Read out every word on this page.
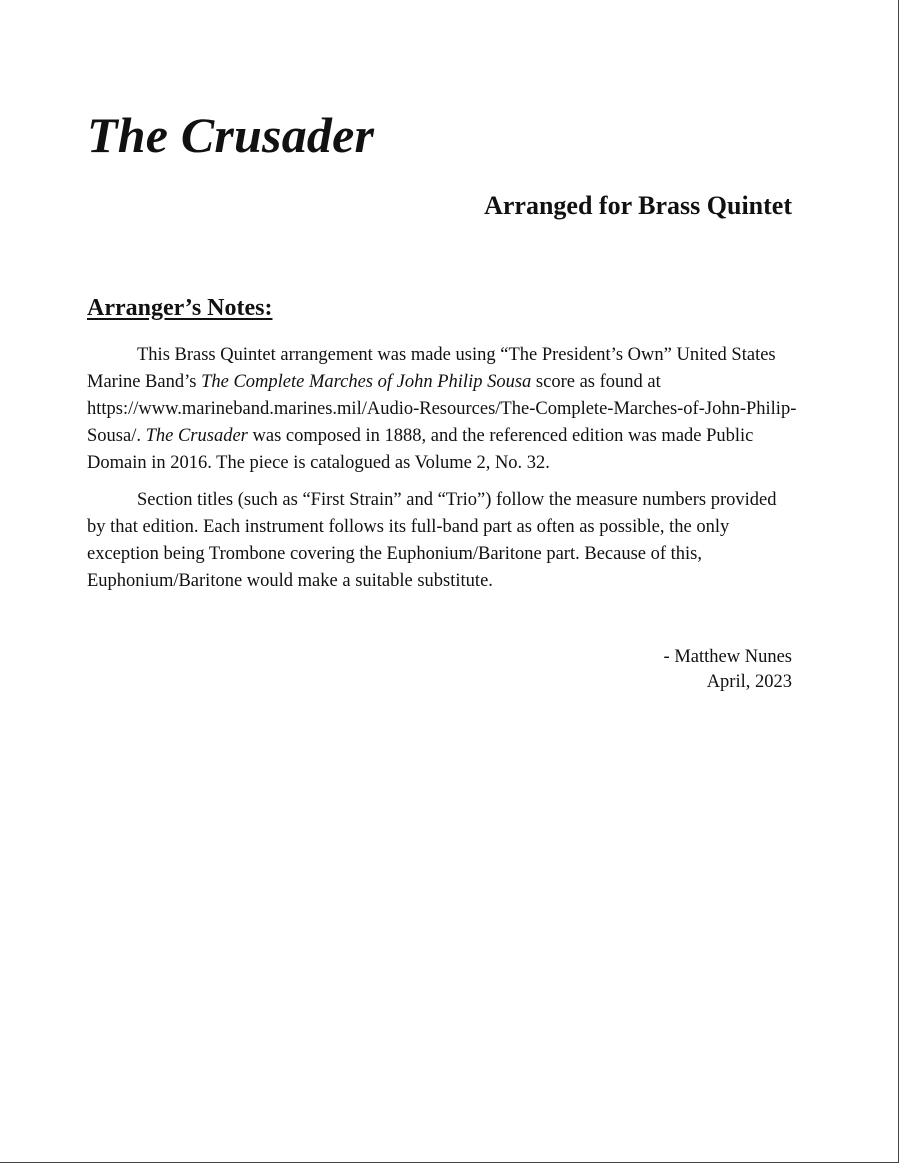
The Crusader
Arranged for Brass Quintet
Arranger’s Notes:

This Brass Quintet arrangement was made using “The President’s Own” United States Marine Band’s The Complete Marches of John Philip Sousa score as found at https://www.marineband.marines.mil/Audio-Resources/The-Complete-Marches-of-John-Philip-Sousa/. The Crusader was composed in 1888, and the referenced edition was made Public Domain in 2016. The piece is catalogued as Volume 2, No. 32.

Section titles (such as “First Strain” and “Trio”) follow the measure numbers provided by that edition. Each instrument follows its full-band part as often as possible, the only exception being Trombone covering the Euphonium/Baritone part. Because of this, Euphonium/Baritone would make a suitable substitute.

- Matthew Nunes
April, 2023
